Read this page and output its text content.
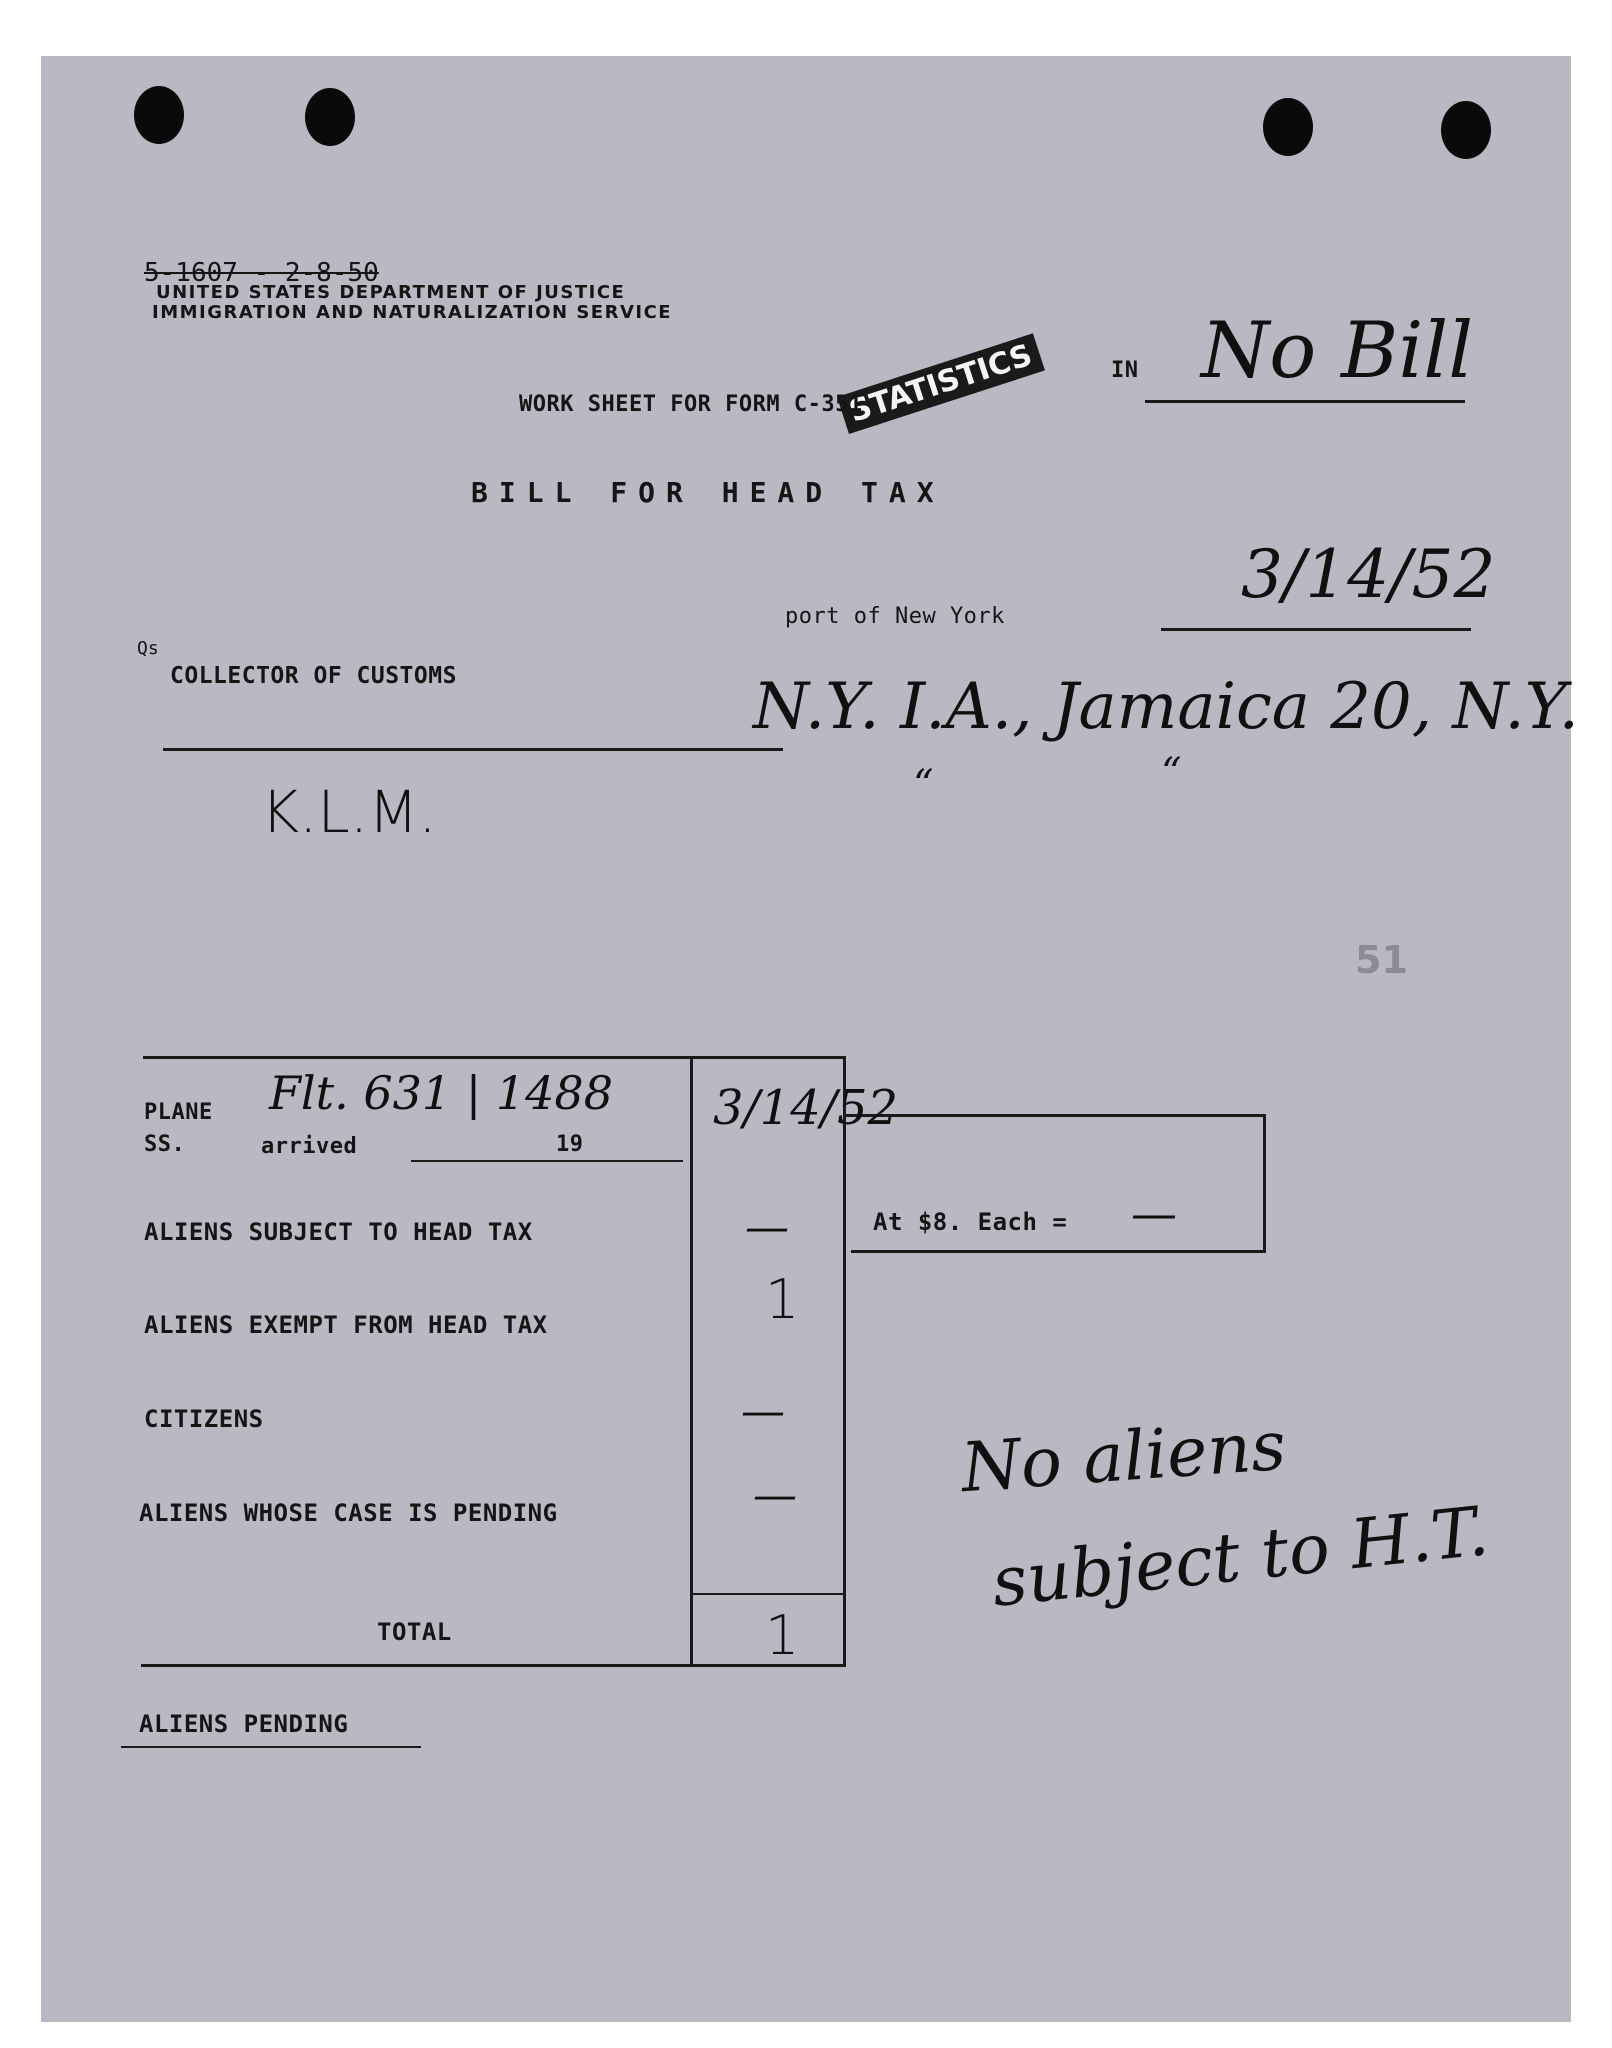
5-1607 - 2-8-50
UNITED STATES DEPARTMENT OF JUSTICE
IMMIGRATION AND NATURALIZATION SERVICE
STATISTICS
WORK SHEET FOR FORM C-351
BILL FOR HEAD TAX
IN No Bill
3/14/52
port of New York
N.Y. I.A., Jamaica 20, N.Y.
“	“
Qs
COLLECTOR OF CUSTOMS
K.L.M.
51
PLANE
SS.	arrived	19
Flt. 631 | 1488 3/14/52
ALIENS SUBJECT TO HEAD TAX	—
ALIENS EXEMPT FROM HEAD TAX	1
CITIZENS	—
ALIENS WHOSE CASE IS PENDING	—
TOTAL	1
At $8. Each = —
No aliens
subject to H.T.
ALIENS PENDING
